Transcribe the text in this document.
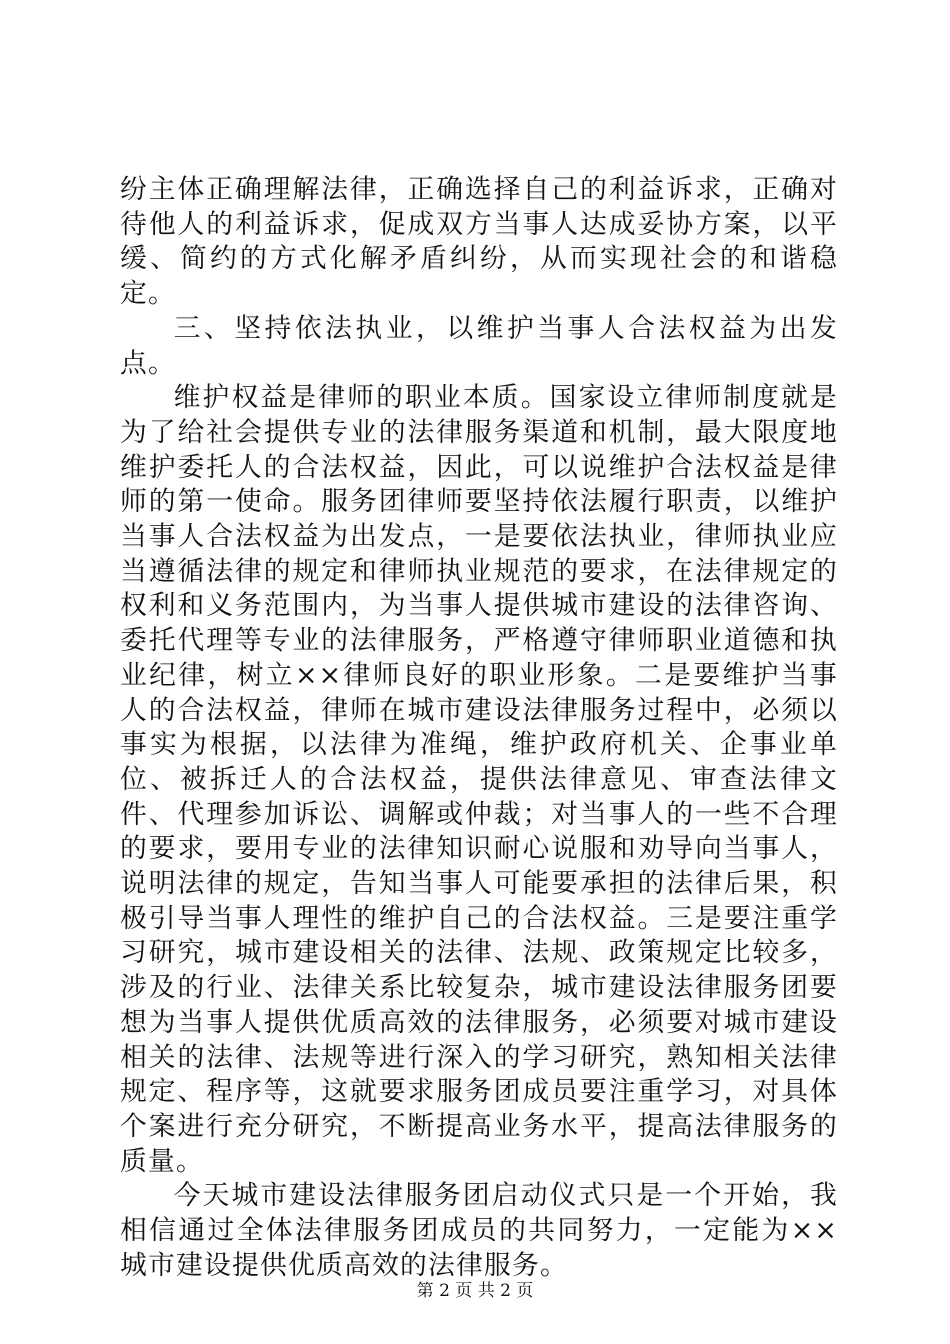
纷主体正确理解法律，正确选择自己的利益诉求，正确对待他人的利益诉求，促成双方当事人达成妥协方案，以平缓、简约的方式化解矛盾纠纷，从而实现社会的和谐稳定。

三、坚持依法执业，以维护当事人合法权益为出发点。

维护权益是律师的职业本质。国家设立律师制度就是为了给社会提供专业的法律服务渠道和机制，最大限度地维护委托人的合法权益，因此，可以说维护合法权益是律师的第一使命。服务团律师要坚持依法履行职责，以维护当事人合法权益为出发点，一是要依法执业，律师执业应当遵循法律的规定和律师执业规范的要求，在法律规定的权利和义务范围内，为当事人提供城市建设的法律咨询、委托代理等专业的法律服务，严格遵守律师职业道德和执业纪律，树立××律师良好的职业形象。二是要维护当事人的合法权益，律师在城市建设法律服务过程中，必须以事实为根据，以法律为准绳，维护政府机关、企事业单位、被拆迁人的合法权益，提供法律意见、审查法律文件、代理参加诉讼、调解或仲裁；对当事人的一些不合理的要求，要用专业的法律知识耐心说服和劝导向当事人，说明法律的规定，告知当事人可能要承担的法律后果，积极引导当事人理性的维护自己的合法权益。三是要注重学习研究，城市建设相关的法律、法规、政策规定比较多，涉及的行业、法律关系比较复杂，城市建设法律服务团要想为当事人提供优质高效的法律服务，必须要对城市建设相关的法律、法规等进行深入的学习研究，熟知相关法律规定、程序等，这就要求服务团成员要注重学习，对具体个案进行充分研究，不断提高业务水平，提高法律服务的质量。

今天城市建设法律服务团启动仪式只是一个开始，我相信通过全体法律服务团成员的共同努力，一定能为××城市建设提供优质高效的法律服务。

第 2 页 共 2 页
